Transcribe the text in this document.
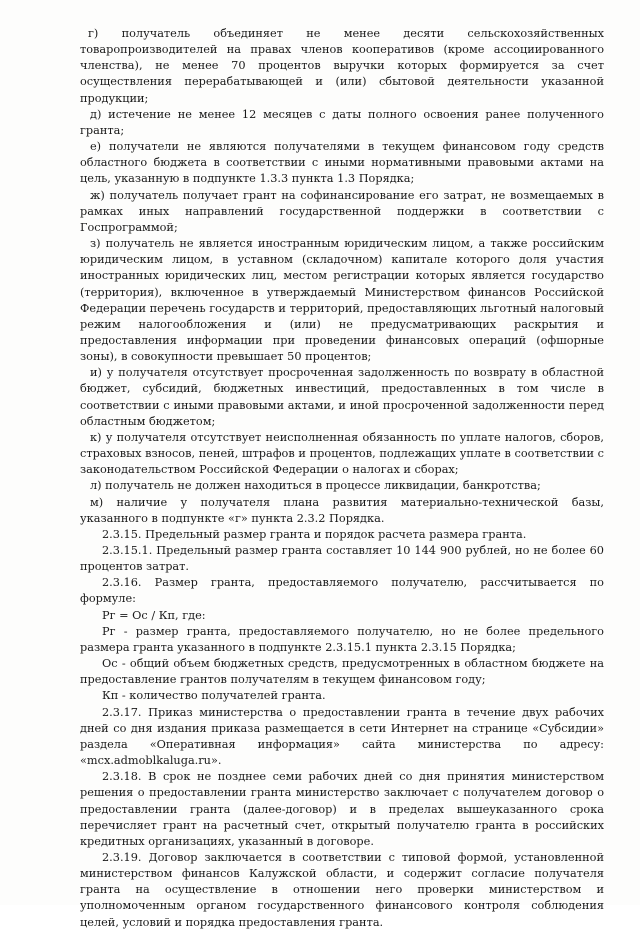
г) получатель объединяет не менее десяти сельскохозяйственных товаропроизводителей на правах членов кооперативов (кроме ассоциированного членства), не менее 70 процентов выручки которых формируется за счет осуществления перерабатывающей и (или) сбытовой деятельности указанной продукции;

д) истечение не менее 12 месяцев с даты полного освоения ранее полученного гранта;

е) получатели не являются получателями в текущем финансовом году средств областного бюджета в соответствии с иными нормативными правовыми актами на цель, указанную в подпункте 1.3.3 пункта 1.3 Порядка;

ж) получатель получает грант на софинансирование его затрат, не возмещаемых в рамках иных направлений государственной поддержки в соответствии с Госпрограммой;

з) получатель не является иностранным юридическим лицом, а также российским юридическим лицом, в уставном (складочном) капитале которого доля участия иностранных юридических лиц, местом регистрации которых является государство (территория), включенное в утверждаемый Министерством финансов Российской Федерации перечень государств и территорий, предоставляющих льготный налоговый режим налогообложения и (или) не предусматривающих раскрытия и предоставления информации при проведении финансовых операций (офшорные зоны), в совокупности превышает 50 процентов;

и) у получателя отсутствует просроченная задолженность по возврату в областной бюджет, субсидий, бюджетных инвестиций, предоставленных в том числе в соответствии с иными правовыми актами, и иной просроченной задолженности перед областным бюджетом;

к) у получателя отсутствует неисполненная обязанность по уплате налогов, сборов, страховых взносов, пеней, штрафов и процентов, подлежащих уплате в соответствии с законодательством Российской Федерации о налогах и сборах;

л) получатель не должен находиться в процессе ликвидации, банкротства;

м) наличие у получателя плана развития материально-технической базы, указанного в подпункте «г» пункта 2.3.2 Порядка.

2.3.15. Предельный размер гранта и порядок расчета размера гранта.

2.3.15.1. Предельный размер гранта составляет 10 144 900 рублей, но не более 60 процентов затрат.

2.3.16. Размер гранта, предоставляемого получателю, рассчитывается по формуле:

Рг = Ос / Кп, где:

Рг - размер гранта, предоставляемого получателю, но не более предельного размера гранта указанного в подпункте 2.3.15.1 пункта 2.3.15 Порядка;

Ос - общий объем бюджетных средств, предусмотренных в областном бюджете на предоставление грантов получателям в текущем финансовом году;

Кп - количество получателей гранта.

2.3.17. Приказ министерства о предоставлении гранта в течение двух рабочих дней со дня издания приказа размещается в сети Интернет на странице «Субсидии» раздела «Оперативная информация» сайта министерства по адресу: «mcx.admoblkaluga.ru».

2.3.18. В срок не позднее семи рабочих дней со дня принятия министерством решения о предоставлении гранта министерство заключает с получателем договор о предоставлении гранта (далее-договор) и в пределах вышеуказанного срока перечисляет грант на расчетный счет, открытый получателю гранта в российских кредитных организациях, указанный в договоре.

2.3.19. Договор заключается в соответствии с типовой формой, установленной министерством финансов Калужской области, и содержит согласие получателя гранта на осуществление в отношении него проверки министерством и уполномоченным органом государственного финансового контроля соблюдения целей, условий и порядка предоставления гранта.
